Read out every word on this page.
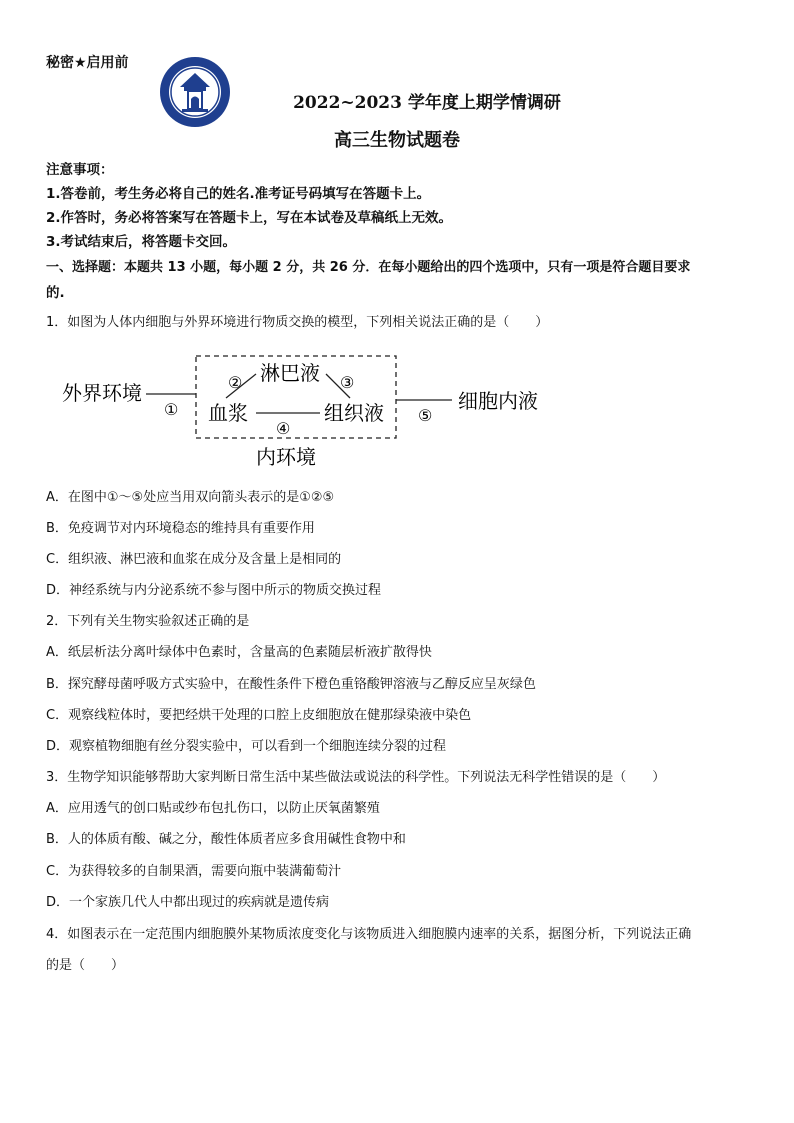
秘密★启用前
2022~2023 学年度上期学情调研
高三生物试题卷
注意事项：
1.答卷前，考生务必将自己的姓名.准考证号码填写在答题卡上。
2.作答时，务必将答案写在答题卡上，写在本试卷及草稿纸上无效。
3.考试结束后，将答题卡交回。
一、选择题：本题共 13 小题，每小题 2 分，共 26 分．在每小题给出的四个选项中，只有一项是符合题目要求
的.
1．如图为人体内细胞与外界环境进行物质交换的模型，下列相关说法正确的是（　　）
外界环境
①
淋巴液
②	③
血浆	组织液
④
⑤
细胞内液
内环境
A．在图中①～⑤处应当用双向箭头表示的是①②⑤
B．免疫调节对内环境稳态的维持具有重要作用
C．组织液、淋巴液和血浆在成分及含量上是相同的
D．神经系统与内分泌系统不参与图中所示的物质交换过程
2．下列有关生物实验叙述正确的是
A．纸层析法分离叶绿体中色素时，含量高的色素随层析液扩散得快
B．探究酵母菌呼吸方式实验中，在酸性条件下橙色重铬酸钾溶液与乙醇反应呈灰绿色
C．观察线粒体时，要把经烘干处理的口腔上皮细胞放在健那绿染液中染色
D．观察植物细胞有丝分裂实验中，可以看到一个细胞连续分裂的过程
3．生物学知识能够帮助大家判断日常生活中某些做法或说法的科学性。下列说法无科学性错误的是（　　）
A．应用透气的创口贴或纱布包扎伤口，以防止厌氧菌繁殖
B．人的体质有酸、碱之分，酸性体质者应多食用碱性食物中和
C．为获得较多的自制果酒，需要向瓶中装满葡萄汁
D．一个家族几代人中都出现过的疾病就是遗传病
4．如图表示在一定范围内细胞膜外某物质浓度变化与该物质进入细胞膜内速率的关系，据图分析，下列说法正确
的是（　　）
